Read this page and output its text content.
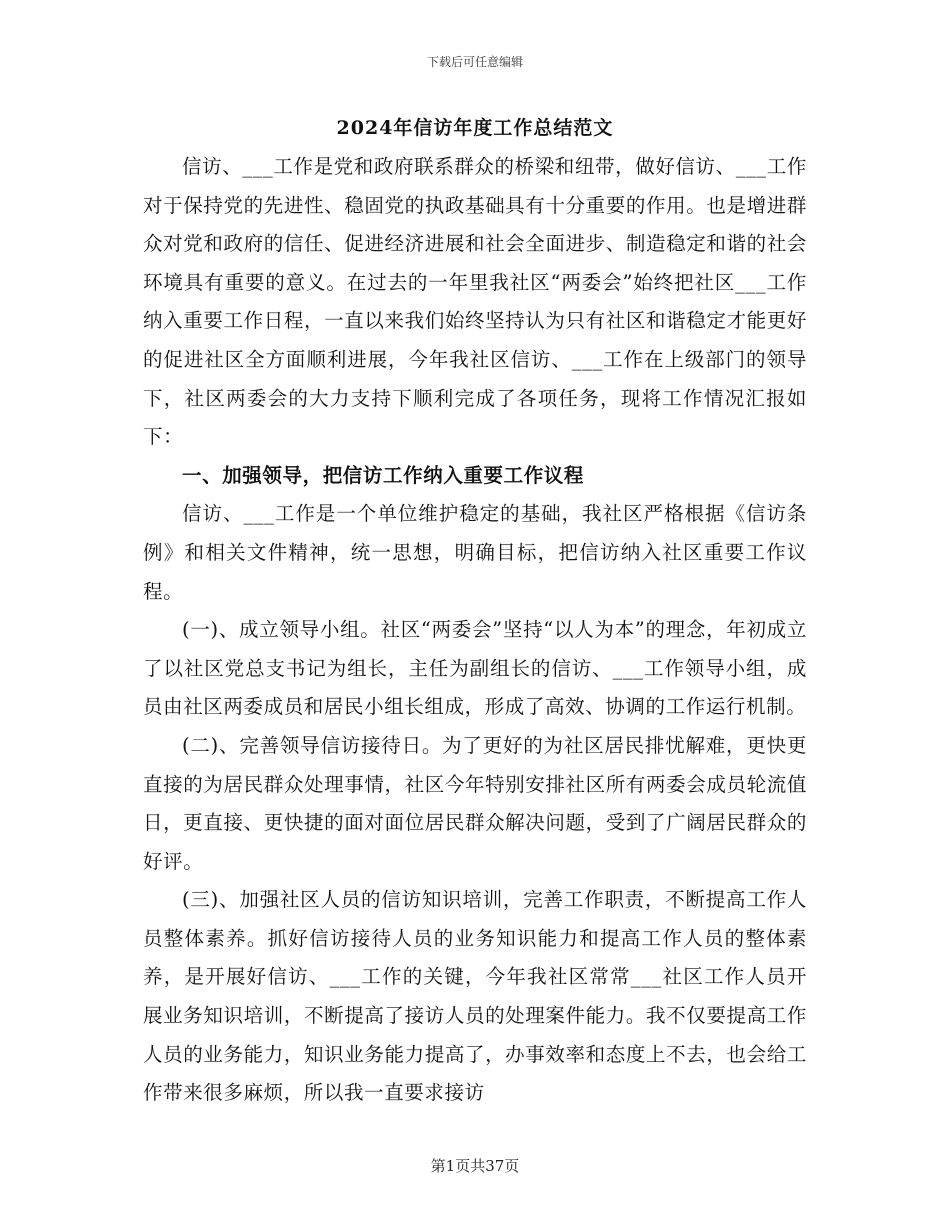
下载后可任意编辑
2024年信访年度工作总结范文

信访、___工作是党和政府联系群众的桥梁和纽带，做好信访、___工作对于保持党的先进性、稳固党的执政基础具有十分重要的作用。也是增进群众对党和政府的信任、促进经济进展和社会全面进步、制造稳定和谐的社会环境具有重要的意义。在过去的一年里我社区“两委会”始终把社区___工作纳入重要工作日程，一直以来我们始终坚持认为只有社区和谐稳定才能更好的促进社区全方面顺利进展，今年我社区信访、___工作在上级部门的领导下，社区两委会的大力支持下顺利完成了各项任务，现将工作情况汇报如下：

一、加强领导，把信访工作纳入重要工作议程

信访、___工作是一个单位维护稳定的基础，我社区严格根据《信访条例》和相关文件精神，统一思想，明确目标，把信访纳入社区重要工作议程。

(一)、成立领导小组。社区“两委会”坚持“以人为本”的理念，年初成立了以社区党总支书记为组长，主任为副组长的信访、___工作领导小组，成员由社区两委成员和居民小组长组成，形成了高效、协调的工作运行机制。

(二)、完善领导信访接待日。为了更好的为社区居民排忧解难，更快更直接的为居民群众处理事情，社区今年特别安排社区所有两委会成员轮流值日，更直接、更快捷的面对面位居民群众解决问题，受到了广阔居民群众的好评。

(三)、加强社区人员的信访知识培训，完善工作职责，不断提高工作人员整体素养。抓好信访接待人员的业务知识能力和提高工作人员的整体素养，是开展好信访、___工作的关键，今年我社区常常___社区工作人员开展业务知识培训，不断提高了接访人员的处理案件能力。我不仅要提高工作人员的业务能力，知识业务能力提高了，办事效率和态度上不去，也会给工作带来很多麻烦，所以我一直要求接访

第1页共37页
